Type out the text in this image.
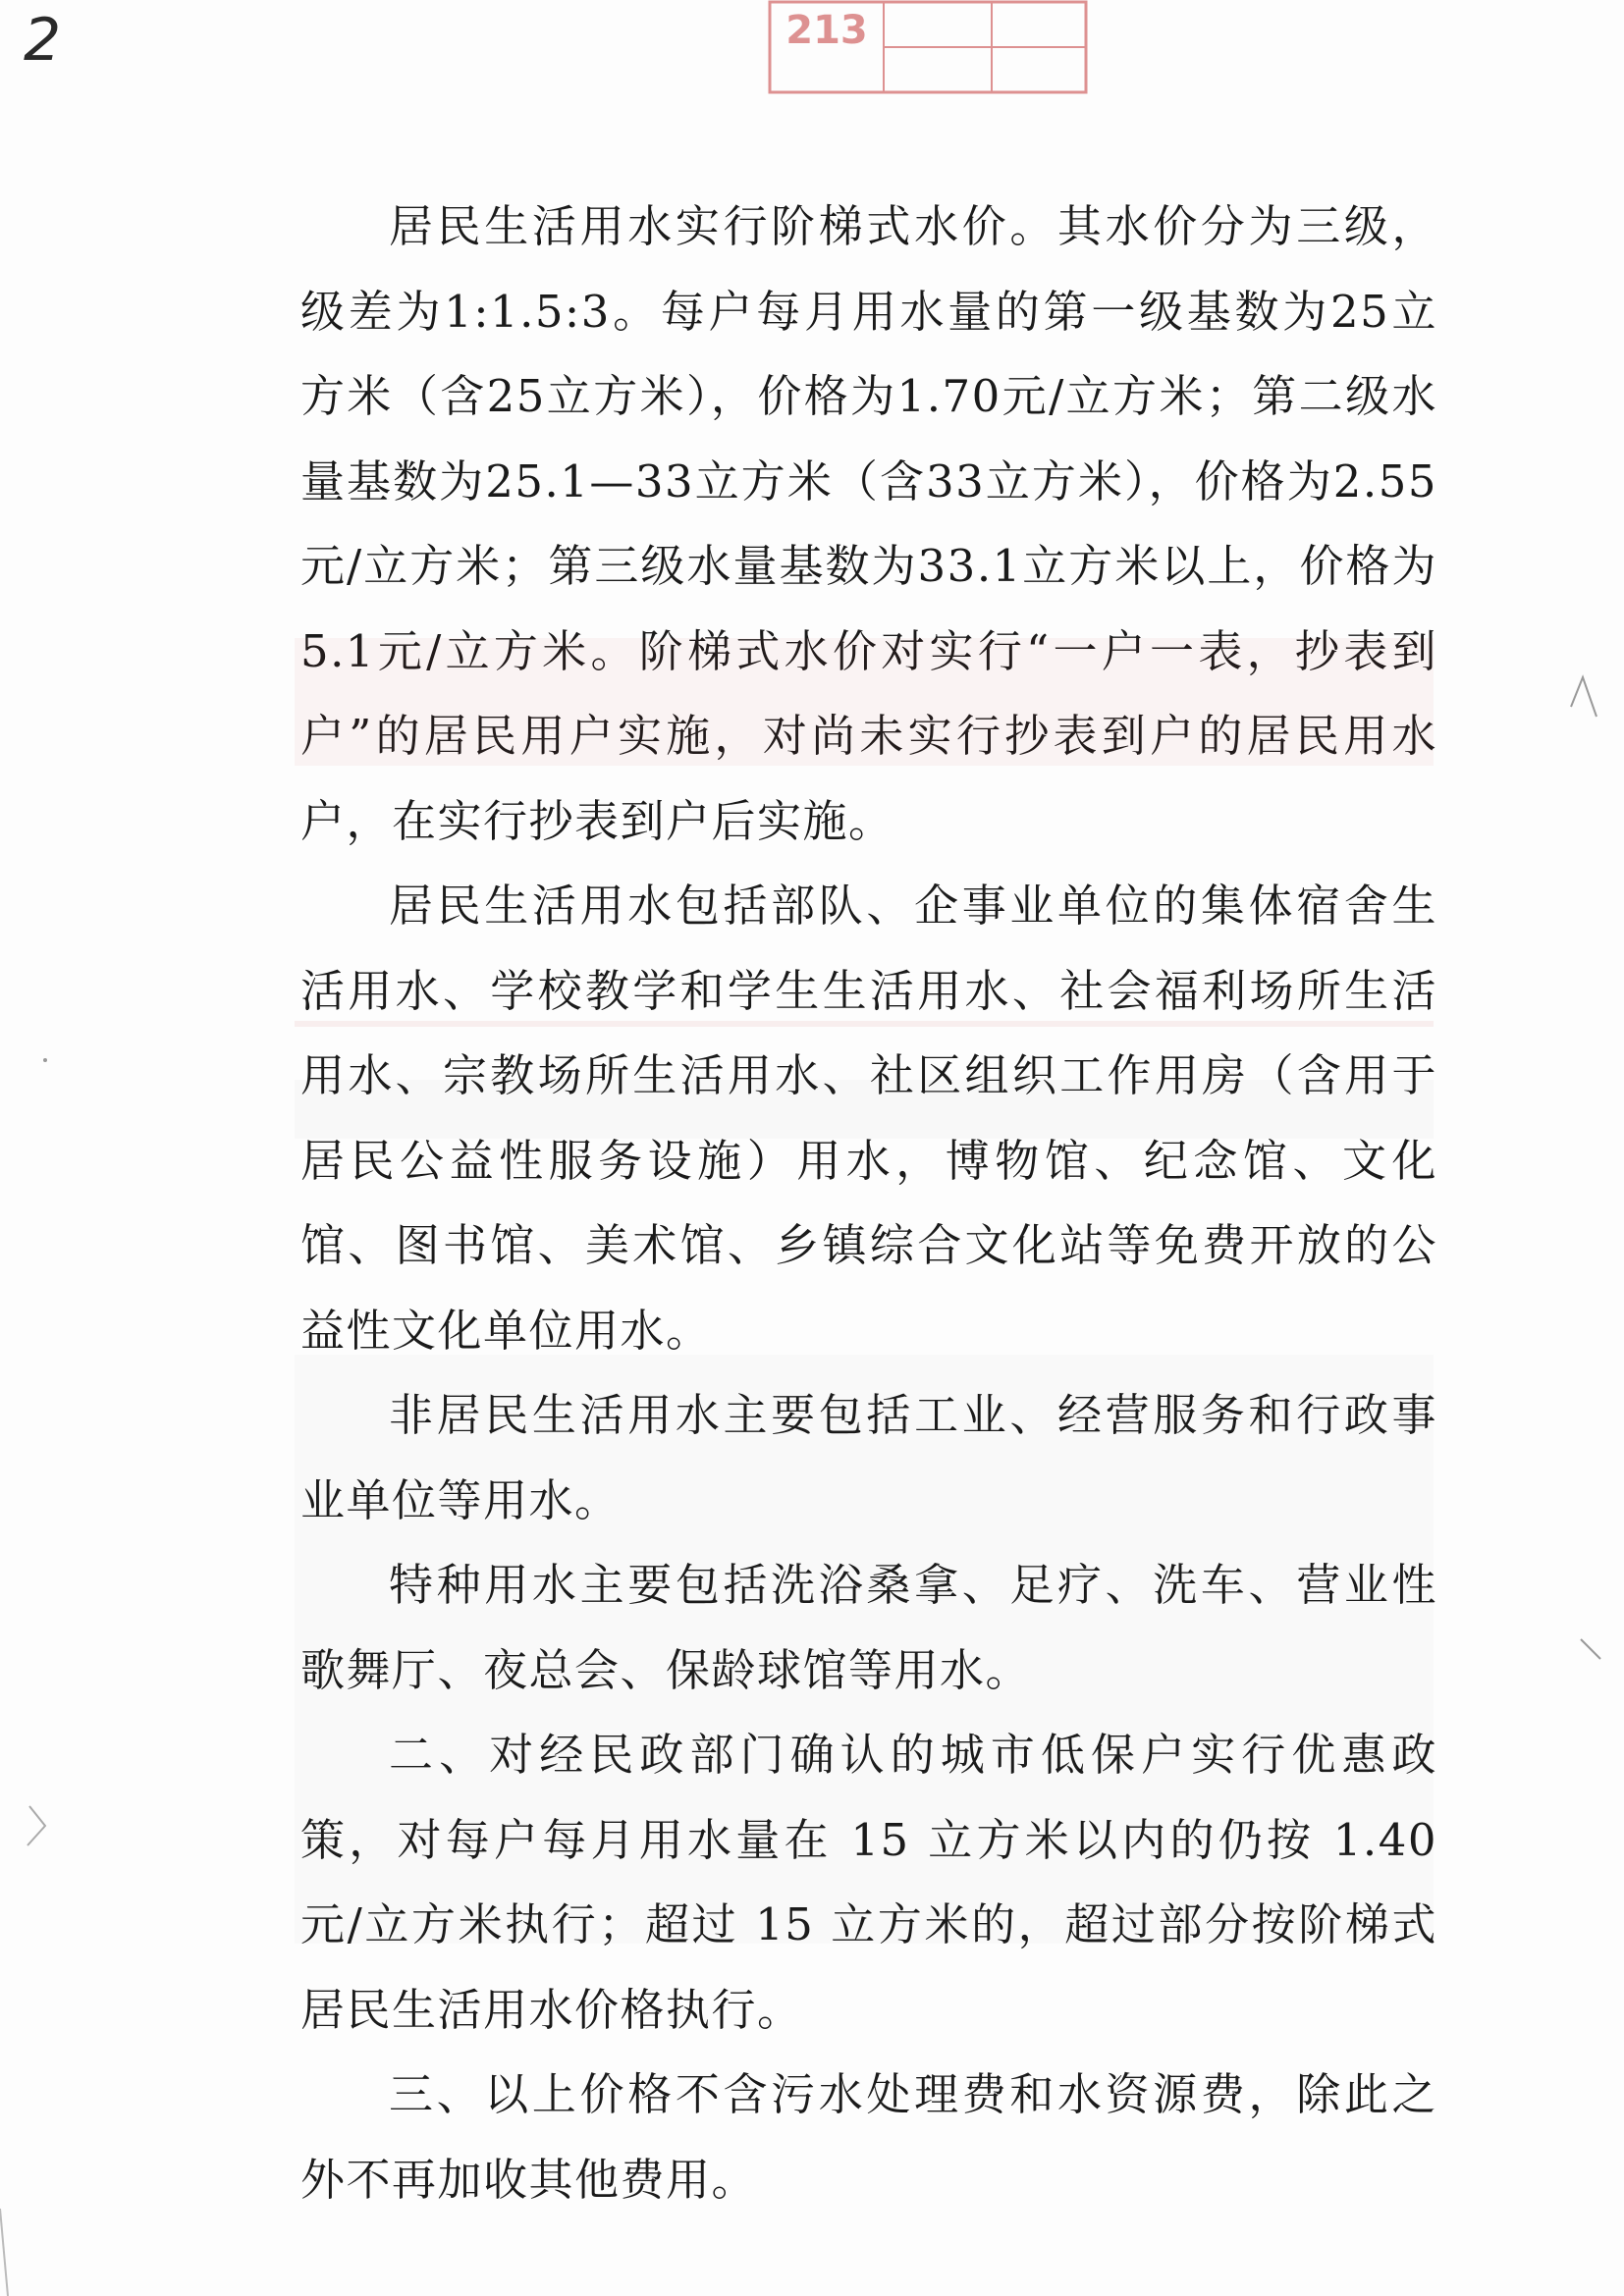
2	213

居民生活用水实行阶梯式水价。其水价分为三级，级差为1:1.5:3。每户每月用水量的第一级基数为25立方米（含25立方米），价格为1.70元/立方米；第二级水量基数为25.1—33立方米（含33立方米），价格为2.55元/立方米；第三级水量基数为33.1立方米以上，价格为5.1元/立方米。阶梯式水价对实行“一户一表，抄表到户”的居民用户实施，对尚未实行抄表到户的居民用水户，在实行抄表到户后实施。

居民生活用水包括部队、企事业单位的集体宿舍生活用水、学校教学和学生生活用水、社会福利场所生活用水、宗教场所生活用水、社区组织工作用房（含用于居民公益性服务设施）用水，博物馆、纪念馆、文化馆、图书馆、美术馆、乡镇综合文化站等免费开放的公益性文化单位用水。

非居民生活用水主要包括工业、经营服务和行政事业单位等用水。

特种用水主要包括洗浴桑拿、足疗、洗车、营业性歌舞厅、夜总会、保龄球馆等用水。

二、对经民政部门确认的城市低保户实行优惠政策，对每户每月用水量在 15 立方米以内的仍按 1.40 元/立方米执行；超过 15 立方米的，超过部分按阶梯式居民生活用水价格执行。

三、以上价格不含污水处理费和水资源费，除此之外不再加收其他费用。
